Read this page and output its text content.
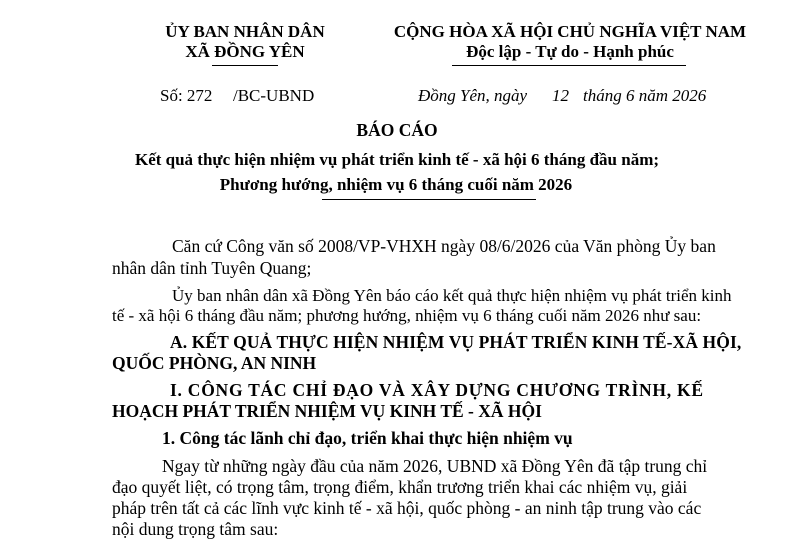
ỦY BAN NHÂN DÂN
XÃ ĐỒNG YÊN
CỘNG HÒA XÃ HỘI CHỦ NGHĨA VIỆT NAM
Độc lập - Tự do - Hạnh phúc
Số: 272 /BC-UBND	Đồng Yên, ngày 12 tháng 6 năm 2026
BÁO CÁO
Kết quả thực hiện nhiệm vụ phát triển kinh tế - xã hội 6 tháng đầu năm;
Phương hướng, nhiệm vụ 6 tháng cuối năm 2026
Căn cứ Công văn số 2008/VP-VHXH ngày 08/6/2026 của Văn phòng Ủy ban
nhân dân tỉnh Tuyên Quang;
Ủy ban nhân dân xã Đồng Yên báo cáo kết quả thực hiện nhiệm vụ phát triển kinh
tế - xã hội 6 tháng đầu năm; phương hướng, nhiệm vụ 6 tháng cuối năm 2026 như sau:
A. KẾT QUẢ THỰC HIỆN NHIỆM VỤ PHÁT TRIỂN KINH TẾ-XÃ HỘI,
QUỐC PHÒNG, AN NINH
I. CÔNG TÁC CHỈ ĐẠO VÀ XÂY DỰNG CHƯƠNG TRÌNH, KẾ
HOẠCH PHÁT TRIỂN NHIỆM VỤ KINH TẾ - XÃ HỘI
1. Công tác lãnh chỉ đạo, triển khai thực hiện nhiệm vụ
Ngay từ những ngày đầu của năm 2026, UBND xã Đồng Yên đã tập trung chỉ
đạo quyết liệt, có trọng tâm, trọng điểm, khẩn trương triển khai các nhiệm vụ, giải
pháp trên tất cả các lĩnh vực kinh tế - xã hội, quốc phòng - an ninh tập trung vào các
nội dung trọng tâm sau:
